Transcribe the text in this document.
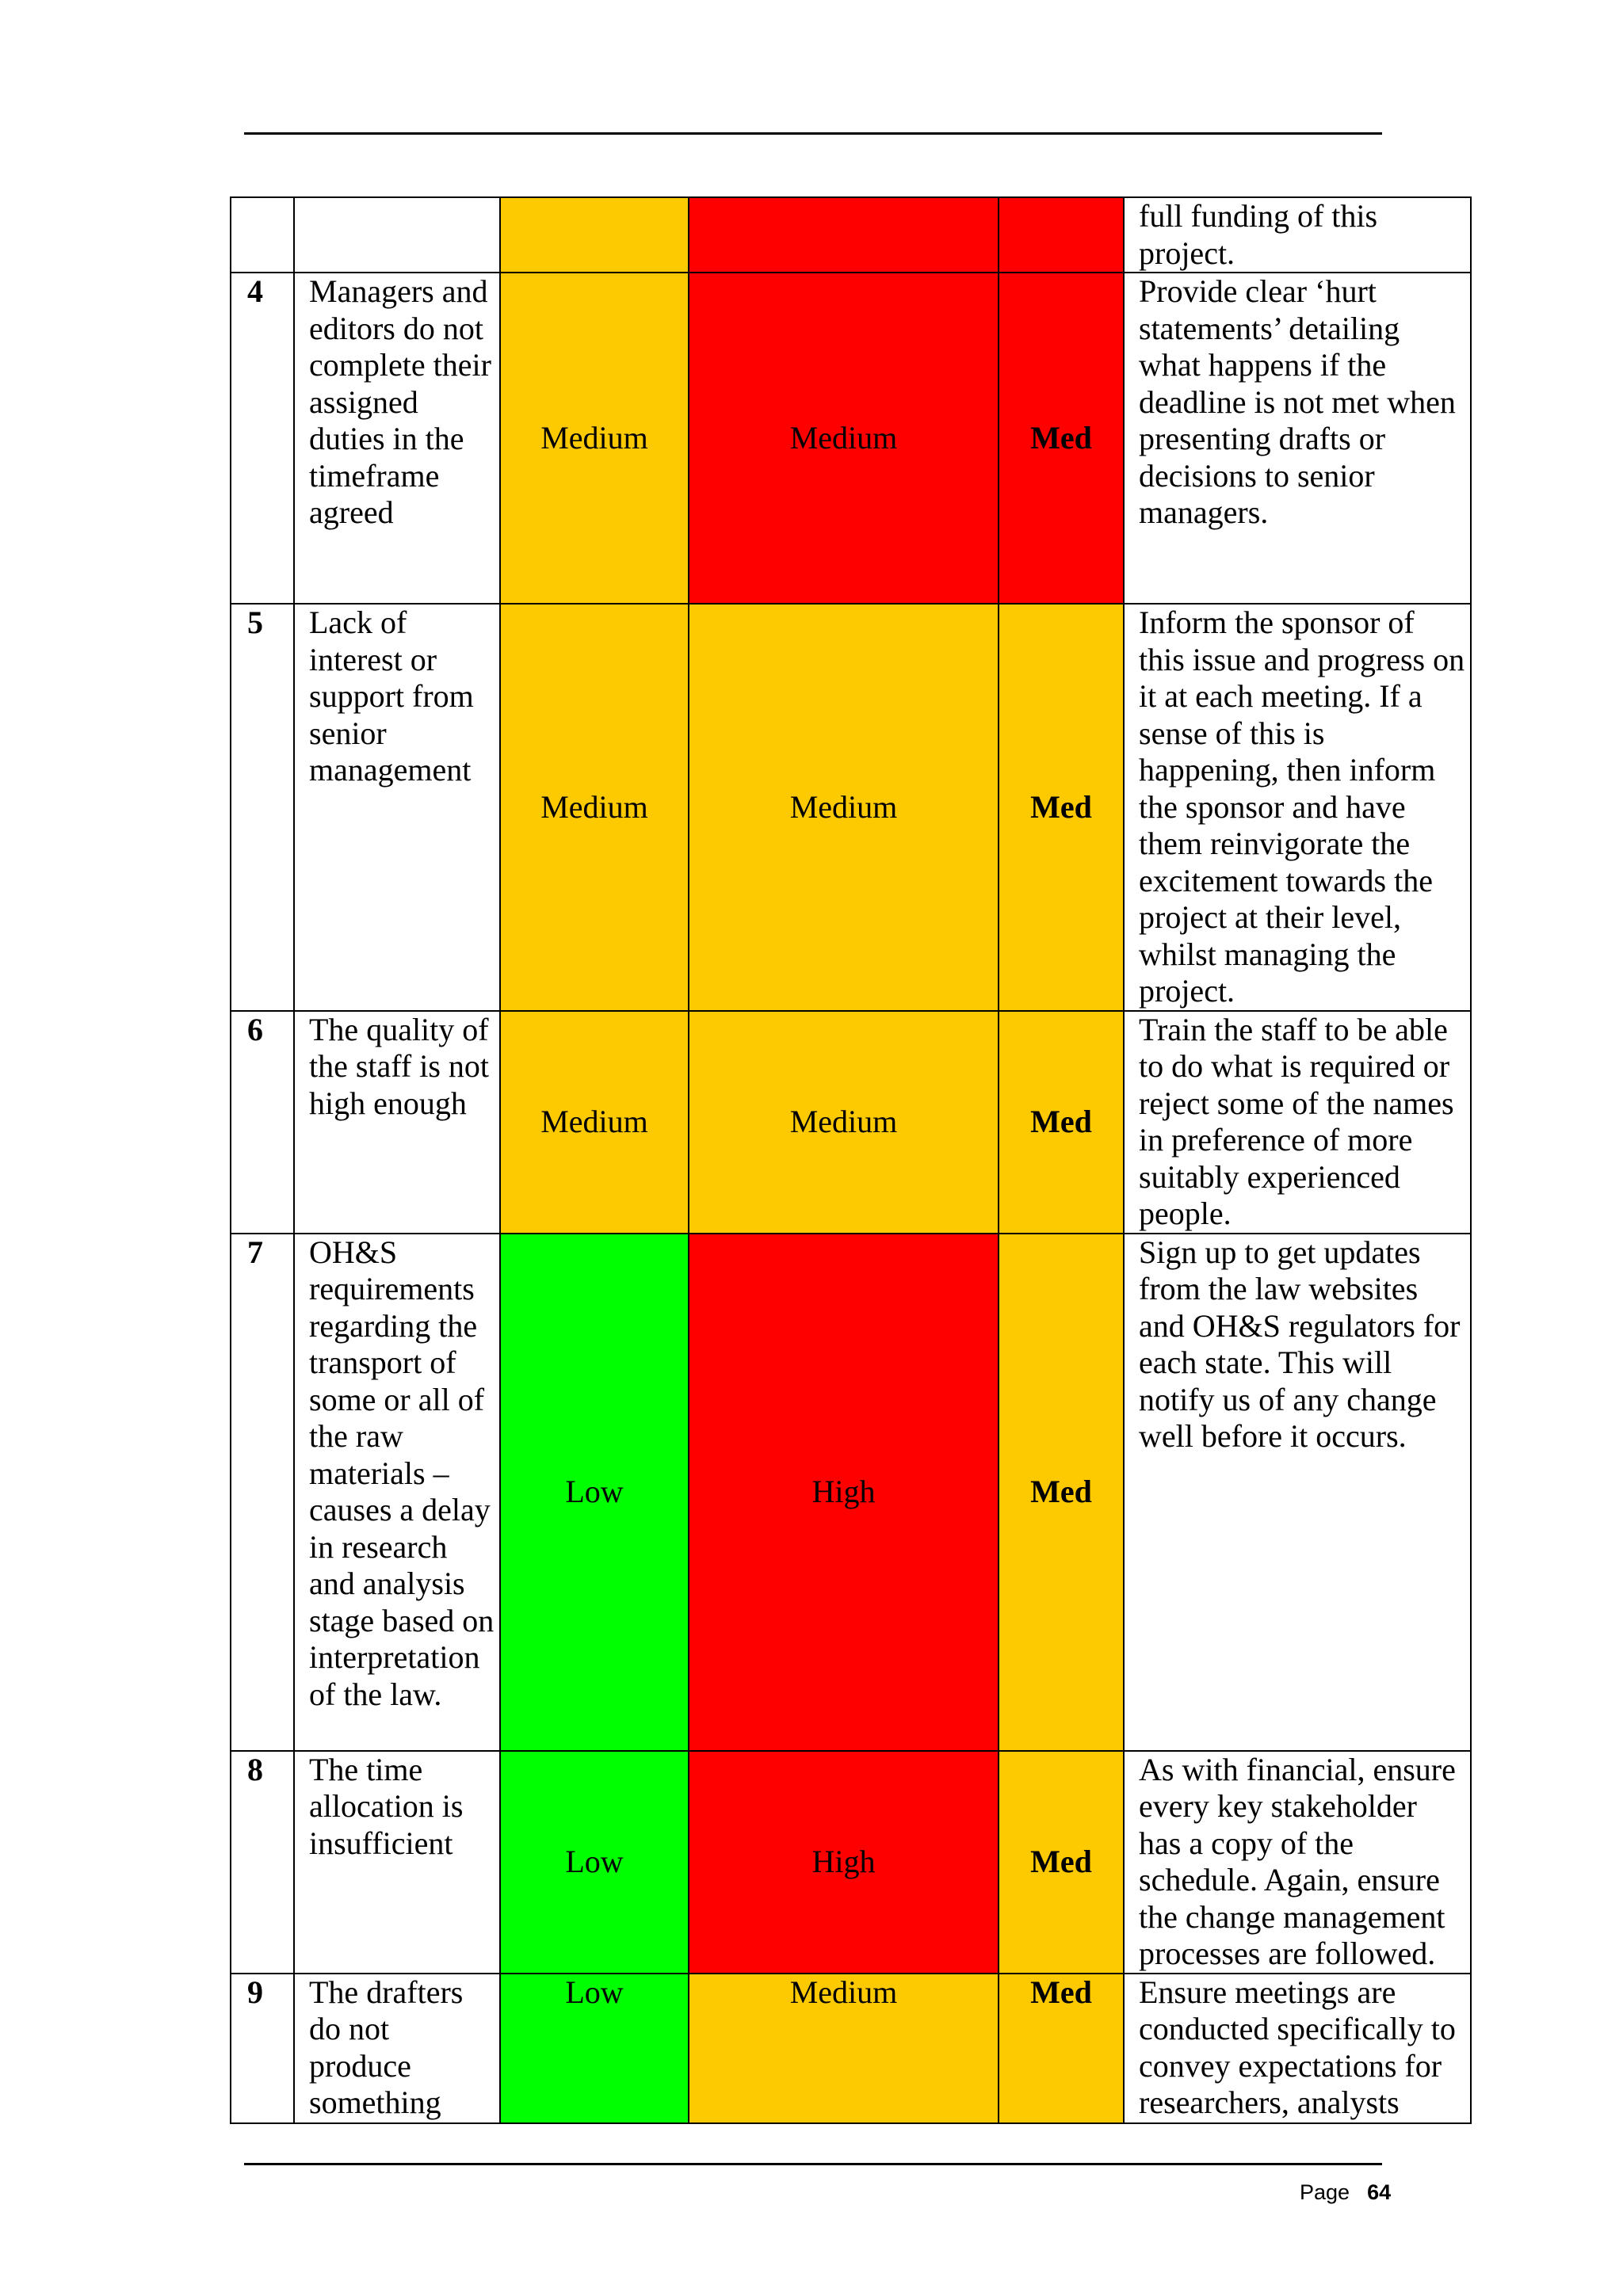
					full funding of this project.
4	Managers and editors do not complete their assigned duties in the timeframe agreed	Medium	Medium	Med	Provide clear ‘hurt statements’ detailing what happens if the deadline is not met when presenting drafts or decisions to senior managers.
5	Lack of interest or support from senior management	Medium	Medium	Med	Inform the sponsor of this issue and progress on it at each meeting. If a sense of this is happening, then inform the sponsor and have them reinvigorate the excitement towards the project at their level, whilst managing the project.
6	The quality of the staff is not high enough	Medium	Medium	Med	Train the staff to be able to do what is required or reject some of the names in preference of more suitably experienced people.
7	OH&S requirements regarding the transport of some or all of the raw materials – causes a delay in research and analysis stage based on interpretation of the law.	Low	High	Med	Sign up to get updates from the law websites and OH&S regulators for each state. This will notify us of any change well before it occurs.
8	The time allocation is insufficient	Low	High	Med	As with financial, ensure every key stakeholder has a copy of the schedule. Again, ensure the change management processes are followed.
9	The drafters do not produce something	Low	Medium	Med	Ensure meetings are conducted specifically to convey expectations for researchers, analysts
Page 64
